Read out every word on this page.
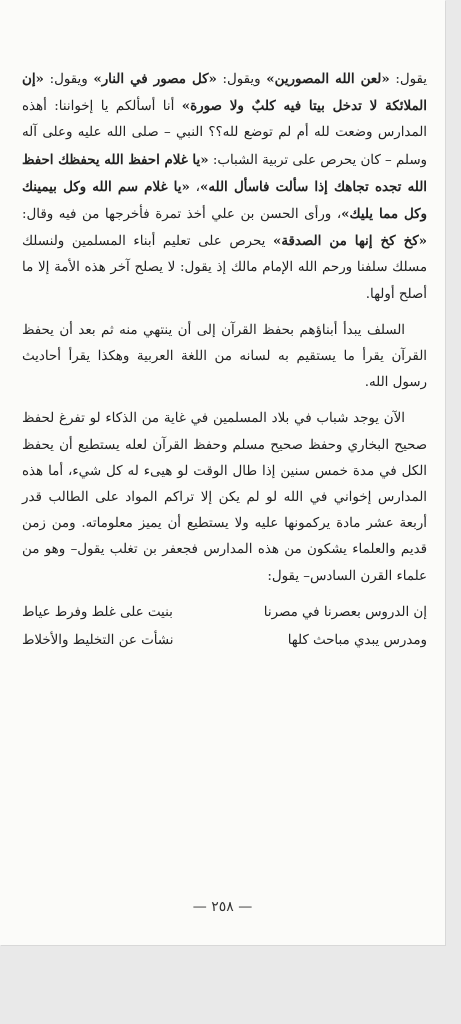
يقول: «لعن الله المصورين» ويقول: «كل مصور في النار» ويقول: «إن الملائكة لا تدخل بيتا فيه كلبٌ ولا صورة» أنا أسألكم يا إخواننا: أهذه المدارس وضعت لله أم لم توضع لله؟؟ النبي – صلى الله عليه وعلى آله وسلم – كان يحرص على تربية الشباب: «يا غلام احفظ الله يحفظك احفظ الله تجده تجاهك إذا سألت فاسأل الله»، «يا غلام سم الله وكل بيمينك وكل مما يليك»، ورأى الحسن بن علي أخذ تمرة فأخرجها من فيه وقال: «كخ كخ إنها من الصدقة» يحرص على تعليم أبناء المسلمين ولنسلك مسلك سلفنا ورحم الله الإمام مالك إذ يقول: لا يصلح آخر هذه الأمة إلا ما أصلح أولها.

السلف يبدأ أبناؤهم بحفظ القرآن إلى أن ينتهي منه ثم بعد أن يحفظ القرآن يقرأ ما يستقيم به لسانه من اللغة العربية وهكذا يقرأ أحاديث رسول الله.

الآن يوجد شباب في بلاد المسلمين في غاية من الذكاء لو تفرغ لحفظ صحيح البخاري وحفظ صحيح مسلم وحفظ القرآن لعله يستطيع أن يحفظ الكل في مدة خمس سنين إذا طال الوقت لو هيىء له كل شيء، أما هذه المدارس إخواني في الله لو لم يكن إلا تراكم المواد على الطالب قدر أربعة عشر مادة يركمونها عليه ولا يستطيع أن يميز معلوماته. ومن زمن قديم والعلماء يشكون من هذه المدارس فجعفر بن تغلب يقول– وهو من علماء القرن السادس– يقول:

إن الدروس بعصرنا في مصرنا
بنيت على غلط وفرط عياط
ومدرس يبدي مباحث كلها
نشأت عن التخليط والأخلاط
— ٢٥٨ —
